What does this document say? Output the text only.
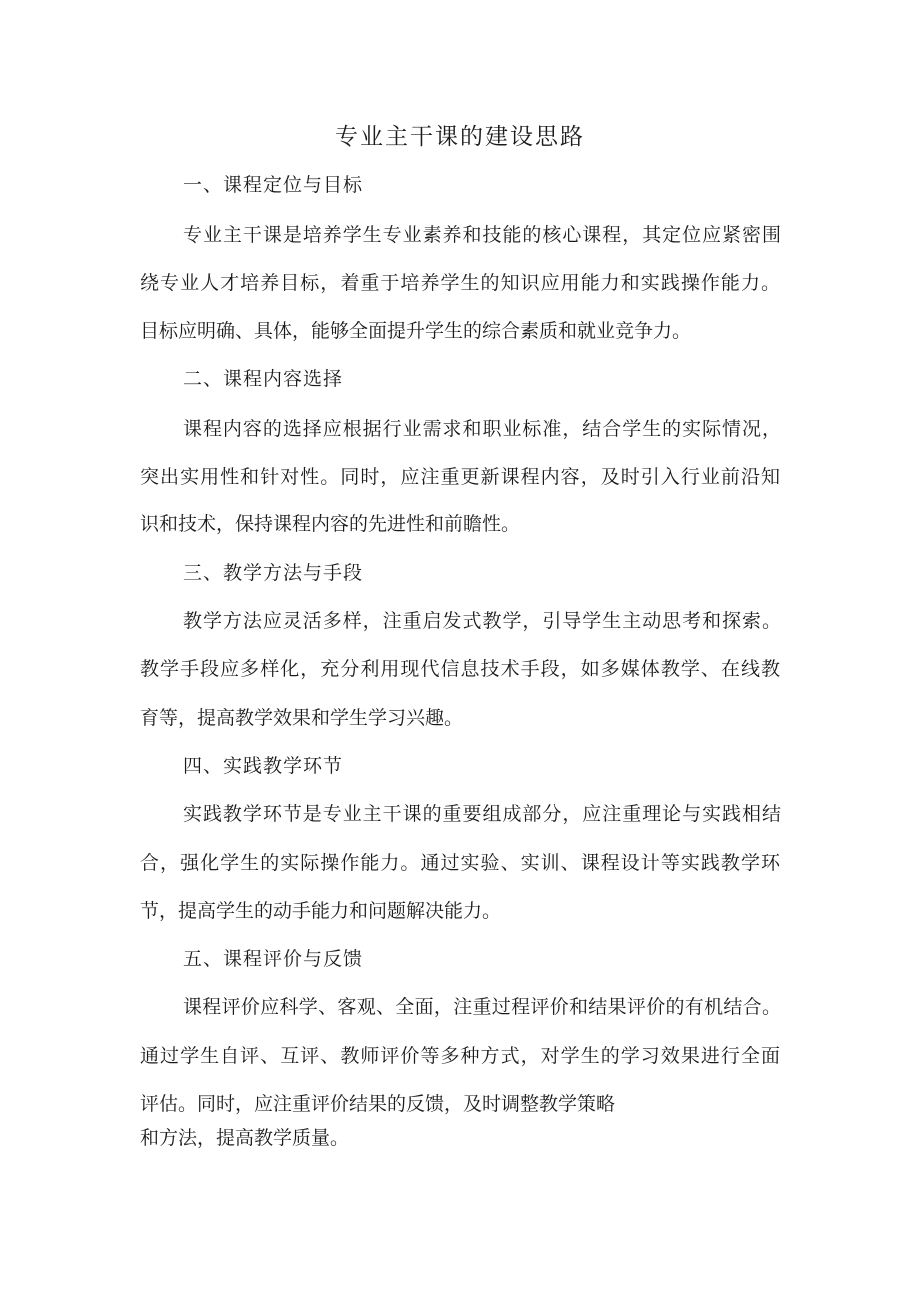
专业主干课的建设思路
一、课程定位与目标
专业主干课是培养学生专业素养和技能的核心课程，其定位应紧密围
绕专业人才培养目标，着重于培养学生的知识应用能力和实践操作能力。
目标应明确、具体，能够全面提升学生的综合素质和就业竞争力。
二、课程内容选择
课程内容的选择应根据行业需求和职业标准，结合学生的实际情况，
突出实用性和针对性。同时，应注重更新课程内容，及时引入行业前沿知
识和技术，保持课程内容的先进性和前瞻性。
三、教学方法与手段
教学方法应灵活多样，注重启发式教学，引导学生主动思考和探索。
教学手段应多样化，充分利用现代信息技术手段，如多媒体教学、在线教
育等，提高教学效果和学生学习兴趣。
四、实践教学环节
实践教学环节是专业主干课的重要组成部分，应注重理论与实践相结
合，强化学生的实际操作能力。通过实验、实训、课程设计等实践教学环
节，提高学生的动手能力和问题解决能力。
五、课程评价与反馈
课程评价应科学、客观、全面，注重过程评价和结果评价的有机结合。
通过学生自评、互评、教师评价等多种方式，对学生的学习效果进行全面
评估。同时，应注重评价结果的反馈，及时调整教学策略
和方法，提高教学质量。
